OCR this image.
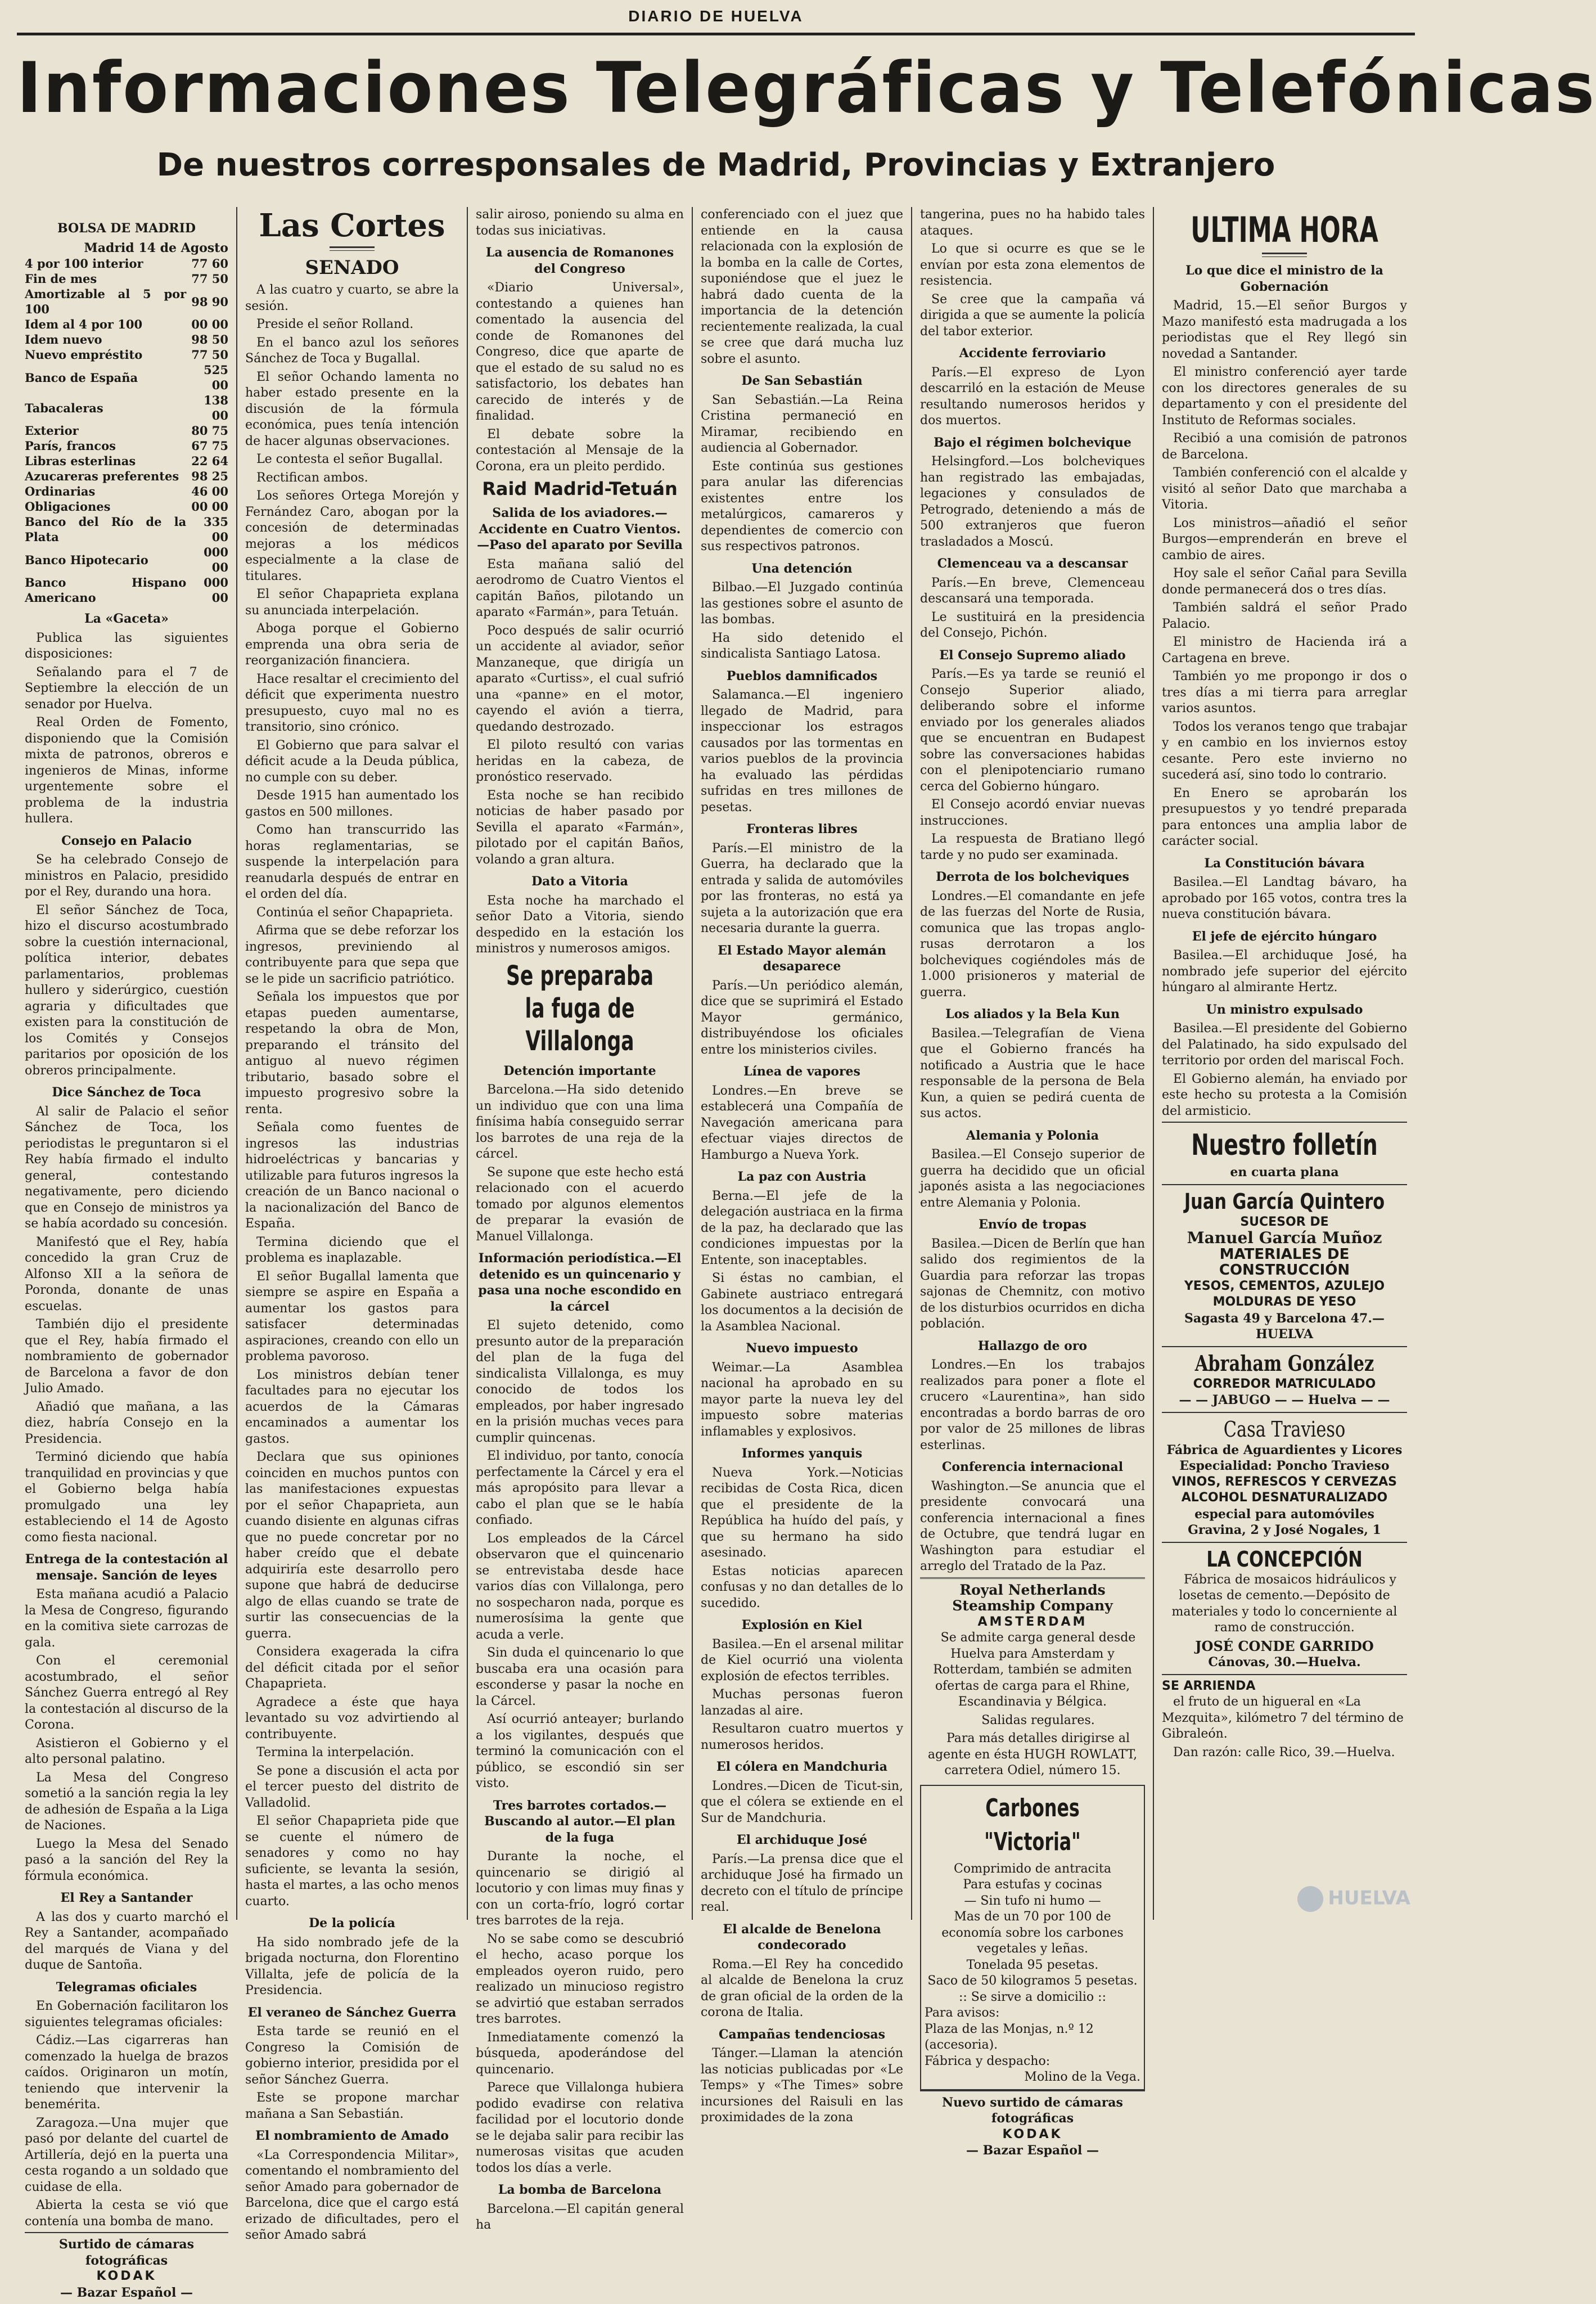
DIARIO DE HUELVA
Informaciones Telegráficas y Telefónicas
De nuestros corresponsales de Madrid, Provincias y Extranjero
BOLSA DE MADRID
Madrid 14 de Agosto
4 por 100 interior	77 60
Fin de mes	77 50
Amortizable al 5 por 100	98 90
Idem al 4 por 100	00 00
Idem nuevo	98 50
Nuevo empréstito	77 50
Banco de España	525 00
Tabacaleras	138 00
Exterior	80 75
París, francos	67 75
Libras esterlinas	22 64
Azucareras preferentes	98 25
Ordinarias	46 00
Obligaciones	00 00
Banco del Río de la Plata	335 00
Banco Hipotecario	000 00
Banco Hispano Americano	000 00
La «Gaceta»

Publica las siguientes disposiciones:

Señalando para el 7 de Septiembre la elección de un senador por Huelva.

Real Orden de Fomento, disponiendo que la Comisión mixta de patronos, obreros e ingenieros de Minas, informe urgentemente sobre el problema de la industria hullera.

Consejo en Palacio

Se ha celebrado Consejo de ministros en Palacio, presidido por el Rey, durando una hora.

El señor Sánchez de Toca, hizo el discurso acostumbrado sobre la cuestión internacional, política interior, debates parlamentarios, problemas hullero y siderúrgico, cuestión agraria y dificultades que existen para la constitución de los Comités y Consejos paritarios por oposición de los obreros principalmente.

Dice Sánchez de Toca

Al salir de Palacio el señor Sánchez de Toca, los periodistas le preguntaron si el Rey había firmado el indulto general, contestando negativamente, pero diciendo que en Consejo de ministros ya se había acordado su concesión.

Manifestó que el Rey, había concedido la gran Cruz de Alfonso XII a la señora de Poronda, donante de unas escuelas.

También dijo el presidente que el Rey, había firmado el nombramiento de gobernador de Barcelona a favor de don Julio Amado.

Añadió que mañana, a las diez, habría Consejo en la Presidencia.

Terminó diciendo que había tranquilidad en provincias y que el Gobierno belga había promulgado una ley estableciendo el 14 de Agosto como fiesta nacional.

Entrega de la contestación al mensaje. Sanción de leyes

Esta mañana acudió a Palacio la Mesa de Congreso, figurando en la comitiva siete carrozas de gala.

Con el ceremonial acostumbrado, el señor Sánchez Guerra entregó al Rey la contestación al discurso de la Corona.

Asistieron el Gobierno y el alto personal palatino.

La Mesa del Congreso sometió a la sanción regia la ley de adhesión de España a la Liga de Naciones.

Luego la Mesa del Senado pasó a la sanción del Rey la fórmula económica.

El Rey a Santander

A las dos y cuarto marchó el Rey a Santander, acompañado del marqués de Viana y del duque de Santoña.

Telegramas oficiales

En Gobernación facilitaron los siguientes telegramas oficiales:

Cádiz.—Las cigarreras han comenzado la huelga de brazos caídos. Originaron un motín, teniendo que intervenir la benemérita.

Zaragoza.—Una mujer que pasó por delante del cuartel de Artillería, dejó en la puerta una cesta rogando a un soldado que cuidase de ella.

Abierta la cesta se vió que contenía una bomba de mano.

Surtido de cámaras fotográficas
KODAK
— Bazar Español —
Las Cortes
SENADO

A las cuatro y cuarto, se abre la sesión.

Preside el señor Rolland.

En el banco azul los señores Sánchez de Toca y Bugallal.

El señor Ochando lamenta no haber estado presente en la discusión de la fórmula económica, pues tenía intención de hacer algunas observaciones.

Le contesta el señor Bugallal.

Rectifican ambos.

Los señores Ortega Morejón y Fernández Caro, abogan por la concesión de determinadas mejoras a los médicos especialmente a la clase de titulares.

El señor Chapaprieta explana su anunciada interpelación.

Aboga porque el Gobierno emprenda una obra seria de reorganización financiera.

Hace resaltar el crecimiento del déficit que experimenta nuestro presupuesto, cuyo mal no es transitorio, sino crónico.

El Gobierno que para salvar el déficit acude a la Deuda pública, no cumple con su deber.

Desde 1915 han aumentado los gastos en 500 millones.

Como han transcurrido las horas reglamentarias, se suspende la interpelación para reanudarla después de entrar en el orden del día.

Continúa el señor Chapaprieta.

Afirma que se debe reforzar los ingresos, previniendo al contribuyente para que sepa que se le pide un sacrificio patriótico.

Señala los impuestos que por etapas pueden aumentarse, respetando la obra de Mon, preparando el tránsito del antiguo al nuevo régimen tributario, basado sobre el impuesto progresivo sobre la renta.

Señala como fuentes de ingresos las industrias hidroeléctricas y bancarias y utilizable para futuros ingresos la creación de un Banco nacional o la nacionalización del Banco de España.

Termina diciendo que el problema es inaplazable.

El señor Bugallal lamenta que siempre se aspire en España a aumentar los gastos para satisfacer determinadas aspiraciones, creando con ello un problema pavoroso.

Los ministros debían tener facultades para no ejecutar los acuerdos de la Cámaras encaminados a aumentar los gastos.

Declara que sus opiniones coinciden en muchos puntos con las manifestaciones expuestas por el señor Chapaprieta, aun cuando disiente en algunas cifras que no puede concretar por no haber creído que el debate adquiriría este desarrollo pero supone que habrá de deducirse algo de ellas cuando se trate de surtir las consecuencias de la guerra.

Considera exagerada la cifra del déficit citada por el señor Chapaprieta.

Agradece a éste que haya levantado su voz advirtiendo al contribuyente.

Termina la interpelación.

Se pone a discusión el acta por el tercer puesto del distrito de Valladolid.

El señor Chapaprieta pide que se cuente el número de senadores y como no hay suficiente, se levanta la sesión, hasta el martes, a las ocho menos cuarto.

De la policía

Ha sido nombrado jefe de la brigada nocturna, don Florentino Villalta, jefe de policía de la Presidencia.

El veraneo de Sánchez Guerra

Esta tarde se reunió en el Congreso la Comisión de gobierno interior, presidida por el señor Sánchez Guerra.

Este se propone marchar mañana a San Sebastián.

El nombramiento de Amado

«La Correspondencia Militar», comentando el nombramiento del señor Amado para gobernador de Barcelona, dice que el cargo está erizado de dificultades, pero el señor Amado sabrá

salir airoso, poniendo su alma en todas sus iniciativas.

La ausencia de Romanones del Congreso

«Diario Universal», contestando a quienes han comentado la ausencia del conde de Romanones del Congreso, dice que aparte de que el estado de su salud no es satisfactorio, los debates han carecido de interés y de finalidad.

El debate sobre la contestación al Mensaje de la Corona, era un pleito perdido.

Raid Madrid-Tetuán
Salida de los aviadores.—Accidente en Cuatro Vientos.—Paso del aparato por Sevilla

Esta mañana salió del aerodromo de Cuatro Vientos el capitán Baños, pilotando un aparato «Farmán», para Tetuán.

Poco después de salir ocurrió un accidente al aviador, señor Manzaneque, que dirigía un aparato «Curtiss», el cual sufrió una «panne» en el motor, cayendo el avión a tierra, quedando destrozado.

El piloto resultó con varias heridas en la cabeza, de pronóstico reservado.

Esta noche se han recibido noticias de haber pasado por Sevilla el aparato «Farmán», pilotado por el capitán Baños, volando a gran altura.

Dato a Vitoria

Esta noche ha marchado el señor Dato a Vitoria, siendo despedido en la estación los ministros y numerosos amigos.

Se preparaba la fuga de Villalonga
Detención importante

Barcelona.—Ha sido detenido un individuo que con una lima finísima había conseguido serrar los barrotes de una reja de la cárcel.

Se supone que este hecho está relacionado con el acuerdo tomado por algunos elementos de preparar la evasión de Manuel Villalonga.

Información periodística.—El detenido es un quincenario y pasa una noche escondido en la cárcel

El sujeto detenido, como presunto autor de la preparación del plan de la fuga del sindicalista Villalonga, es muy conocido de todos los empleados, por haber ingresado en la prisión muchas veces para cumplir quincenas.

El individuo, por tanto, conocía perfectamente la Cárcel y era el más apropósito para llevar a cabo el plan que se le había confiado.

Los empleados de la Cárcel observaron que el quincenario se entrevistaba desde hace varios días con Villalonga, pero no sospecharon nada, porque es numerosísima la gente que acuda a verle.

Sin duda el quincenario lo que buscaba era una ocasión para esconderse y pasar la noche en la Cárcel.

Así ocurrió anteayer; burlando a los vigilantes, después que terminó la comunicación con el público, se escondió sin ser visto.

Tres barrotes cortados.—Buscando al autor.—El plan de la fuga

Durante la noche, el quincenario se dirigió al locutorio y con limas muy finas y con un corta-frío, logró cortar tres barrotes de la reja.

No se sabe como se descubrió el hecho, acaso porque los empleados oyeron ruido, pero realizado un minucioso registro se advirtió que estaban serrados tres barrotes.

Inmediatamente comenzó la búsqueda, apoderándose del quincenario.

Parece que Villalonga hubiera podido evadirse con relativa facilidad por el locutorio donde se le dejaba salir para recibir las numerosas visitas que acuden todos los días a verle.

La bomba de Barcelona

Barcelona.—El capitán general ha

conferenciado con el juez que entiende en la causa relacionada con la explosión de la bomba en la calle de Cortes, suponiéndose que el juez le habrá dado cuenta de la importancia de la detención recientemente realizada, la cual se cree que dará mucha luz sobre el asunto.

De San Sebastián

San Sebastián.—La Reina Cristina permaneció en Miramar, recibiendo en audiencia al Gobernador.

Este continúa sus gestiones para anular las diferencias existentes entre los metalúrgicos, camareros y dependientes de comercio con sus respectivos patronos.

Una detención

Bilbao.—El Juzgado continúa las gestiones sobre el asunto de las bombas.

Ha sido detenido el sindicalista Santiago Latosa.

Pueblos damnificados

Salamanca.—El ingeniero llegado de Madrid, para inspeccionar los estragos causados por las tormentas en varios pueblos de la provincia ha evaluado las pérdidas sufridas en tres millones de pesetas.

Fronteras libres

París.—El ministro de la Guerra, ha declarado que la entrada y salida de automóviles por las fronteras, no está ya sujeta a la autorización que era necesaria durante la guerra.

El Estado Mayor alemán desaparece

París.—Un periódico alemán, dice que se suprimirá el Estado Mayor germánico, distribuyéndose los oficiales entre los ministerios civiles.

Línea de vapores

Londres.—En breve se establecerá una Compañía de Navegación americana para efectuar viajes directos de Hamburgo a Nueva York.

La paz con Austria

Berna.—El jefe de la delegación austriaca en la firma de la paz, ha declarado que las condiciones impuestas por la Entente, son inaceptables.

Si éstas no cambian, el Gabinete austriaco entregará los documentos a la decisión de la Asamblea Nacional.

Nuevo impuesto

Weimar.—La Asamblea nacional ha aprobado en su mayor parte la nueva ley del impuesto sobre materias inflamables y explosivos.

Informes yanquis

Nueva York.—Noticias recibidas de Costa Rica, dicen que el presidente de la República ha huído del país, y que su hermano ha sido asesinado.

Estas noticias aparecen confusas y no dan detalles de lo sucedido.

Explosión en Kiel

Basilea.—En el arsenal militar de Kiel ocurrió una violenta explosión de efectos terribles.

Muchas personas fueron lanzadas al aire.

Resultaron cuatro muertos y numerosos heridos.

El cólera en Mandchuria

Londres.—Dicen de Ticut-sin, que el cólera se extiende en el Sur de Mandchuria.

El archiduque José

París.—La prensa dice que el archiduque José ha firmado un decreto con el título de príncipe real.

El alcalde de Benelona condecorado

Roma.—El Rey ha concedido al alcalde de Benelona la cruz de gran oficial de la orden de la corona de Italia.

Campañas tendenciosas

Tánger.—Llaman la atención las noticias publicadas por «Le Temps» y «The Times» sobre incursiones del Raisuli en las proximidades de la zona

tangerina, pues no ha habido tales ataques.

Lo que si ocurre es que se le envían por esta zona elementos de resistencia.

Se cree que la campaña vá dirigida a que se aumente la policía del tabor exterior.

Accidente ferroviario

París.—El expreso de Lyon descarriló en la estación de Meuse resultando numerosos heridos y dos muertos.

Bajo el régimen bolchevique

Helsingford.—Los bolcheviques han registrado las embajadas, legaciones y consulados de Petrogrado, deteniendo a más de 500 extranjeros que fueron trasladados a Moscú.

Clemenceau va a descansar

París.—En breve, Clemenceau descansará una temporada.

Le sustituirá en la presidencia del Consejo, Pichón.

El Consejo Supremo aliado

París.—Es ya tarde se reunió el Consejo Superior aliado, deliberando sobre el informe enviado por los generales aliados que se encuentran en Budapest sobre las conversaciones habidas con el plenipotenciario rumano cerca del Gobierno húngaro.

El Consejo acordó enviar nuevas instrucciones.

La respuesta de Bratiano llegó tarde y no pudo ser examinada.

Derrota de los bolcheviques

Londres.—El comandante en jefe de las fuerzas del Norte de Rusia, comunica que las tropas anglo-rusas derrotaron a los bolcheviques cogiéndoles más de 1.000 prisioneros y material de guerra.

Los aliados y la Bela Kun

Basilea.—Telegrafían de Viena que el Gobierno francés ha notificado a Austria que le hace responsable de la persona de Bela Kun, a quien se pedirá cuenta de sus actos.

Alemania y Polonia

Basilea.—El Consejo superior de guerra ha decidido que un oficial japonés asista a las negociaciones entre Alemania y Polonia.

Envío de tropas

Basilea.—Dicen de Berlín que han salido dos regimientos de la Guardia para reforzar las tropas sajonas de Chemnitz, con motivo de los disturbios ocurridos en dicha población.

Hallazgo de oro

Londres.—En los trabajos realizados para poner a flote el crucero «Laurentina», han sido encontradas a bordo barras de oro por valor de 25 millones de libras esterlinas.

Conferencia internacional

Washington.—Se anuncia que el presidente convocará una conferencia internacional a fines de Octubre, que tendrá lugar en Washington para estudiar el arreglo del Tratado de la Paz.

Royal Netherlands Steamship Company
AMSTERDAM

Se admite carga general desde Huelva para Amsterdam y Rotterdam, también se admiten ofertas de carga para el Rhine, Escandinavia y Bélgica.

Salidas regulares.

Para más detalles dirigirse al agente en ésta HUGH ROWLATT, carretera Odiel, número 15.

Carbones "Victoria"
Comprimido de antracita
Para estufas y cocinas
— Sin tufo ni humo —
Mas de un 70 por 100 de economía sobre los carbones vegetales y leñas.
Tonelada 95 pesetas.
Saco de 50 kilogramos 5 pesetas.
:: Se sirve a domicilio ::
Para avisos:
Plaza de las Monjas, n.º 12 (accesoria).
Fábrica y despacho:
Molino de la Vega.
Nuevo surtido de cámaras fotográficas
KODAK
— Bazar Español —
ULTIMA HORA
Lo que dice el ministro de la Gobernación

Madrid, 15.—El señor Burgos y Mazo manifestó esta madrugada a los periodistas que el Rey llegó sin novedad a Santander.

El ministro conferenció ayer tarde con los directores generales de su departamento y con el presidente del Instituto de Reformas sociales.

Recibió a una comisión de patronos de Barcelona.

También conferenció con el alcalde y visitó al señor Dato que marchaba a Vitoria.

Los ministros—añadió el señor Burgos—emprenderán en breve el cambio de aires.

Hoy sale el señor Cañal para Sevilla donde permanecerá dos o tres días.

También saldrá el señor Prado Palacio.

El ministro de Hacienda irá a Cartagena en breve.

También yo me propongo ir dos o tres días a mi tierra para arreglar varios asuntos.

Todos los veranos tengo que trabajar y en cambio en los inviernos estoy cesante. Pero este invierno no sucederá así, sino todo lo contrario.

En Enero se aprobarán los presupuestos y yo tendré preparada para entonces una amplia labor de carácter social.

La Constitución bávara

Basilea.—El Landtag bávaro, ha aprobado por 165 votos, contra tres la nueva constitución bávara.

El jefe de ejército húngaro

Basilea.—El archiduque José, ha nombrado jefe superior del ejército húngaro al almirante Hertz.

Un ministro expulsado

Basilea.—El presidente del Gobierno del Palatinado, ha sido expulsado del territorio por orden del mariscal Foch.

El Gobierno alemán, ha enviado por este hecho su protesta a la Comisión del armisticio.

Nuestro folletín
en cuarta plana
Juan García Quintero
SUCESOR DE
Manuel García Muñoz
MATERIALES DE CONSTRUCCIÓN
YESOS, CEMENTOS, AZULEJO
MOLDURAS DE YESO
Sagasta 49 y Barcelona 47.—HUELVA
Abraham González
CORREDOR MATRICULADO
— — JABUGO — — Huelva — —
Casa Travieso
Fábrica de Aguardientes y Licores
Especialidad: Poncho Travieso
VINOS, REFRESCOS Y CERVEZAS
ALCOHOL DESNATURALIZADO
especial para automóviles
Gravina, 2 y José Nogales, 1
LA CONCEPCIÓN

Fábrica de mosaicos hidráulicos y losetas de cemento.—Depósito de materiales y todo lo concerniente al ramo de construcción.

JOSÉ CONDE GARRIDO
Cánovas, 30.—Huelva.
SE ARRIENDA

el fruto de un higueral en «La Mezquita», kilómetro 7 del término de Gibraleón.

Dan razón: calle Rico, 39.—Huelva.

HUELVA
